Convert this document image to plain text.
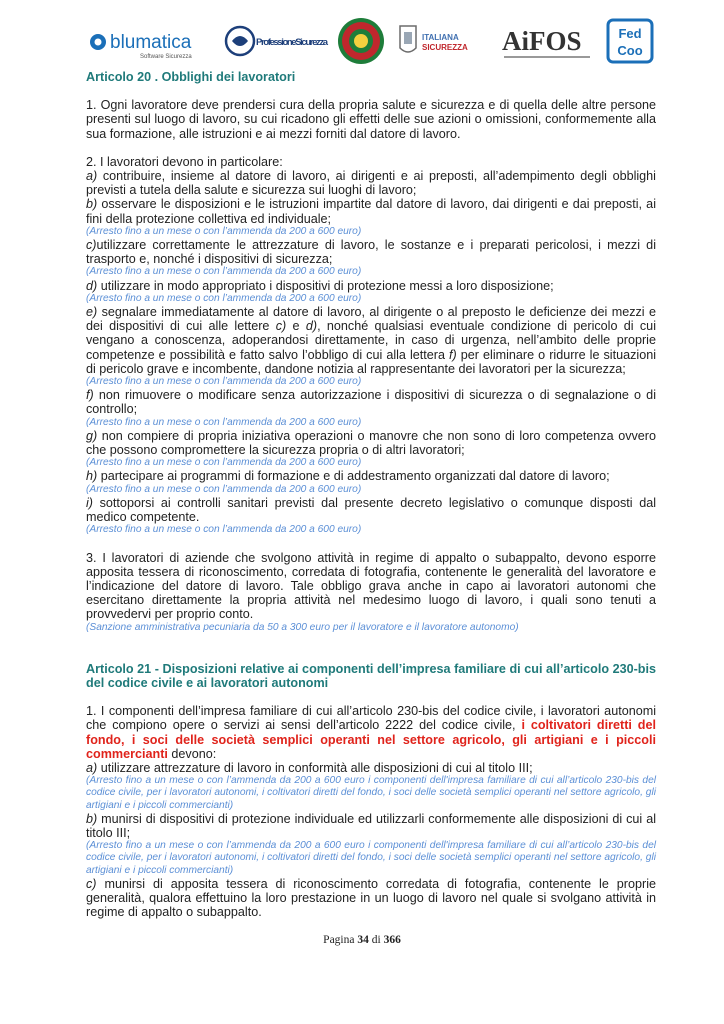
blumatica
Software Sicurezza
ProfessioneSicurezza	ITALIANA
SICUREZZA AiFOS	Fed
Coo

Articolo 20 . Obblighi dei lavoratori

1. Ogni lavoratore deve prendersi cura della propria salute e sicurezza e di quella delle altre persone presenti sul luogo di lavoro, su cui ricadono gli effetti delle sue azioni o omissioni, conformemente alla sua formazione, alle istruzioni e ai mezzi forniti dal datore di lavoro.

2. I lavoratori devono in particolare:

a) contribuire, insieme al datore di lavoro, ai dirigenti e ai preposti, all’adempimento degli obblighi previsti a tutela della salute e sicurezza sui luoghi di lavoro;

b) osservare le disposizioni e le istruzioni impartite dal datore di lavoro, dai dirigenti e dai preposti, ai fini della protezione collettiva ed individuale;

(Arresto fino a un mese o con l’ammenda da 200 a 600 euro)

c)utilizzare correttamente le attrezzature di lavoro, le sostanze e i preparati pericolosi, i mezzi di trasporto e, nonché i dispositivi di sicurezza;

(Arresto fino a un mese o con l’ammenda da 200 a 600 euro)

d) utilizzare in modo appropriato i dispositivi di protezione messi a loro disposizione;

(Arresto fino a un mese o con l’ammenda da 200 a 600 euro)

e) segnalare immediatamente al datore di lavoro, al dirigente o al preposto le deficienze dei mezzi e dei dispositivi di cui alle lettere c) e d), nonché qualsiasi eventuale condizione di pericolo di cui vengano a conoscenza, adoperandosi direttamente, in caso di urgenza, nell’ambito delle proprie competenze e possibilità e fatto salvo l’obbligo di cui alla lettera f) per eliminare o ridurre le situazioni di pericolo grave e incombente, dandone notizia al rappresentante dei lavoratori per la sicurezza;

(Arresto fino a un mese o con l’ammenda da 200 a 600 euro)

f) non rimuovere o modificare senza autorizzazione i dispositivi di sicurezza o di segnalazione o di controllo;

(Arresto fino a un mese o con l’ammenda da 200 a 600 euro)

g) non compiere di propria iniziativa operazioni o manovre che non sono di loro competenza ovvero che possono compromettere la sicurezza propria o di altri lavoratori;

(Arresto fino a un mese o con l’ammenda da 200 a 600 euro)

h) partecipare ai programmi di formazione e di addestramento organizzati dal datore di lavoro;

(Arresto fino a un mese o con l’ammenda da 200 a 600 euro)

i) sottoporsi ai controlli sanitari previsti dal presente decreto legislativo o comunque disposti dal medico competente.

(Arresto fino a un mese o con l’ammenda da 200 a 600 euro)

3. I lavoratori di aziende che svolgono attività in regime di appalto o subappalto, devono esporre apposita tessera di riconoscimento, corredata di fotografia, contenente le generalità del lavoratore e l’indicazione del datore di lavoro. Tale obbligo grava anche in capo ai lavoratori autonomi che esercitano direttamente la propria attività nel medesimo luogo di lavoro, i quali sono tenuti a provvedervi per proprio conto.

(Sanzione amministrativa pecuniaria da 50 a 300 euro per il lavoratore e il lavoratore autonomo)

Articolo 21 - Disposizioni relative ai componenti dell’impresa familiare di cui all’articolo 230-bis del codice civile e ai lavoratori autonomi

1. I componenti dell’impresa familiare di cui all’articolo 230-bis del codice civile, i lavoratori autonomi che compiono opere o servizi ai sensi dell’articolo 2222 del codice civile, i coltivatori diretti del fondo, i soci delle società semplici operanti nel settore agricolo, gli artigiani e i piccoli commercianti devono:

a) utilizzare attrezzature di lavoro in conformità alle disposizioni di cui al titolo III;

(Arresto fino a un mese o con l’ammenda da 200 a 600 euro i componenti dell'impresa familiare di cui all’articolo 230-bis del codice civile, per i lavoratori autonomi, i coltivatori diretti del fondo, i soci delle società semplici operanti nel settore agricolo, gli artigiani e i piccoli commercianti)

b) munirsi di dispositivi di protezione individuale ed utilizzarli conformemente alle disposizioni di cui al titolo III;

(Arresto fino a un mese o con l’ammenda da 200 a 600 euro i componenti dell'impresa familiare di cui all’articolo 230-bis del codice civile, per i lavoratori autonomi, i coltivatori diretti del fondo, i soci delle società semplici operanti nel settore agricolo, gli artigiani e i piccoli commercianti)

c) munirsi di apposita tessera di riconoscimento corredata di fotografia, contenente le proprie generalità, qualora effettuino la loro prestazione in un luogo di lavoro nel quale si svolgano attività in regime di appalto o subappalto.

Pagina 34 di 366
